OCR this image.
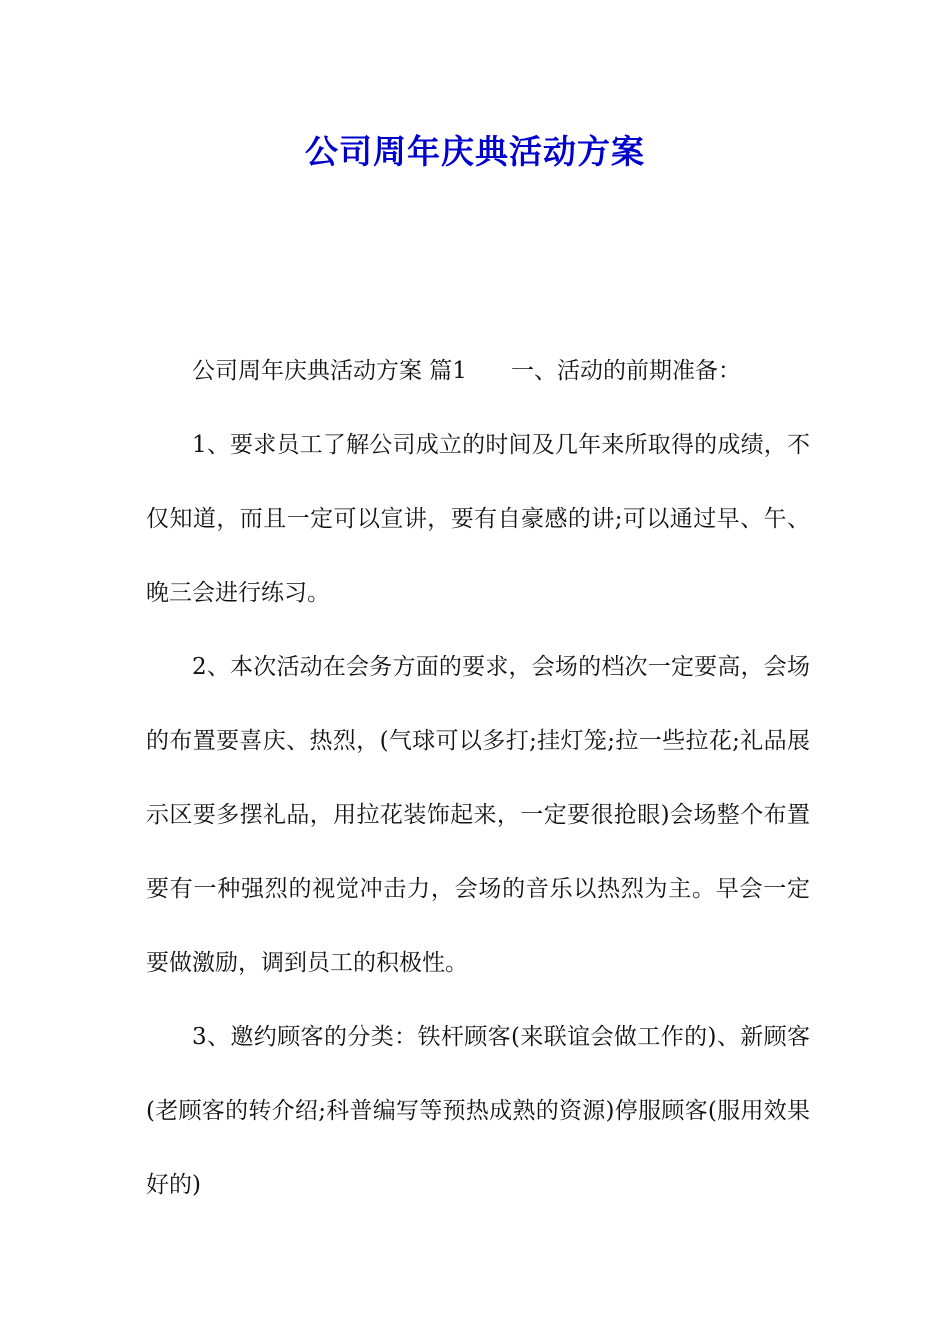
公司周年庆典活动方案

公司周年庆典活动方案 篇1 一、活动的前期准备：

1、要求员工了解公司成立的时间及几年来所取得的成绩，不仅知道，而且一定可以宣讲，要有自豪感的讲;可以通过早、午、晚三会进行练习。

2、本次活动在会务方面的要求，会场的档次一定要高，会场的布置要喜庆、热烈，(气球可以多打;挂灯笼;拉一些拉花;礼品展示区要多摆礼品，用拉花装饰起来，一定要很抢眼)会场整个布置要有一种强烈的视觉冲击力，会场的音乐以热烈为主。早会一定要做激励，调到员工的积极性。

3、邀约顾客的分类：铁杆顾客(来联谊会做工作的)、新顾客(老顾客的转介绍;科普编写等预热成熟的资源)停服顾客(服用效果好的)
